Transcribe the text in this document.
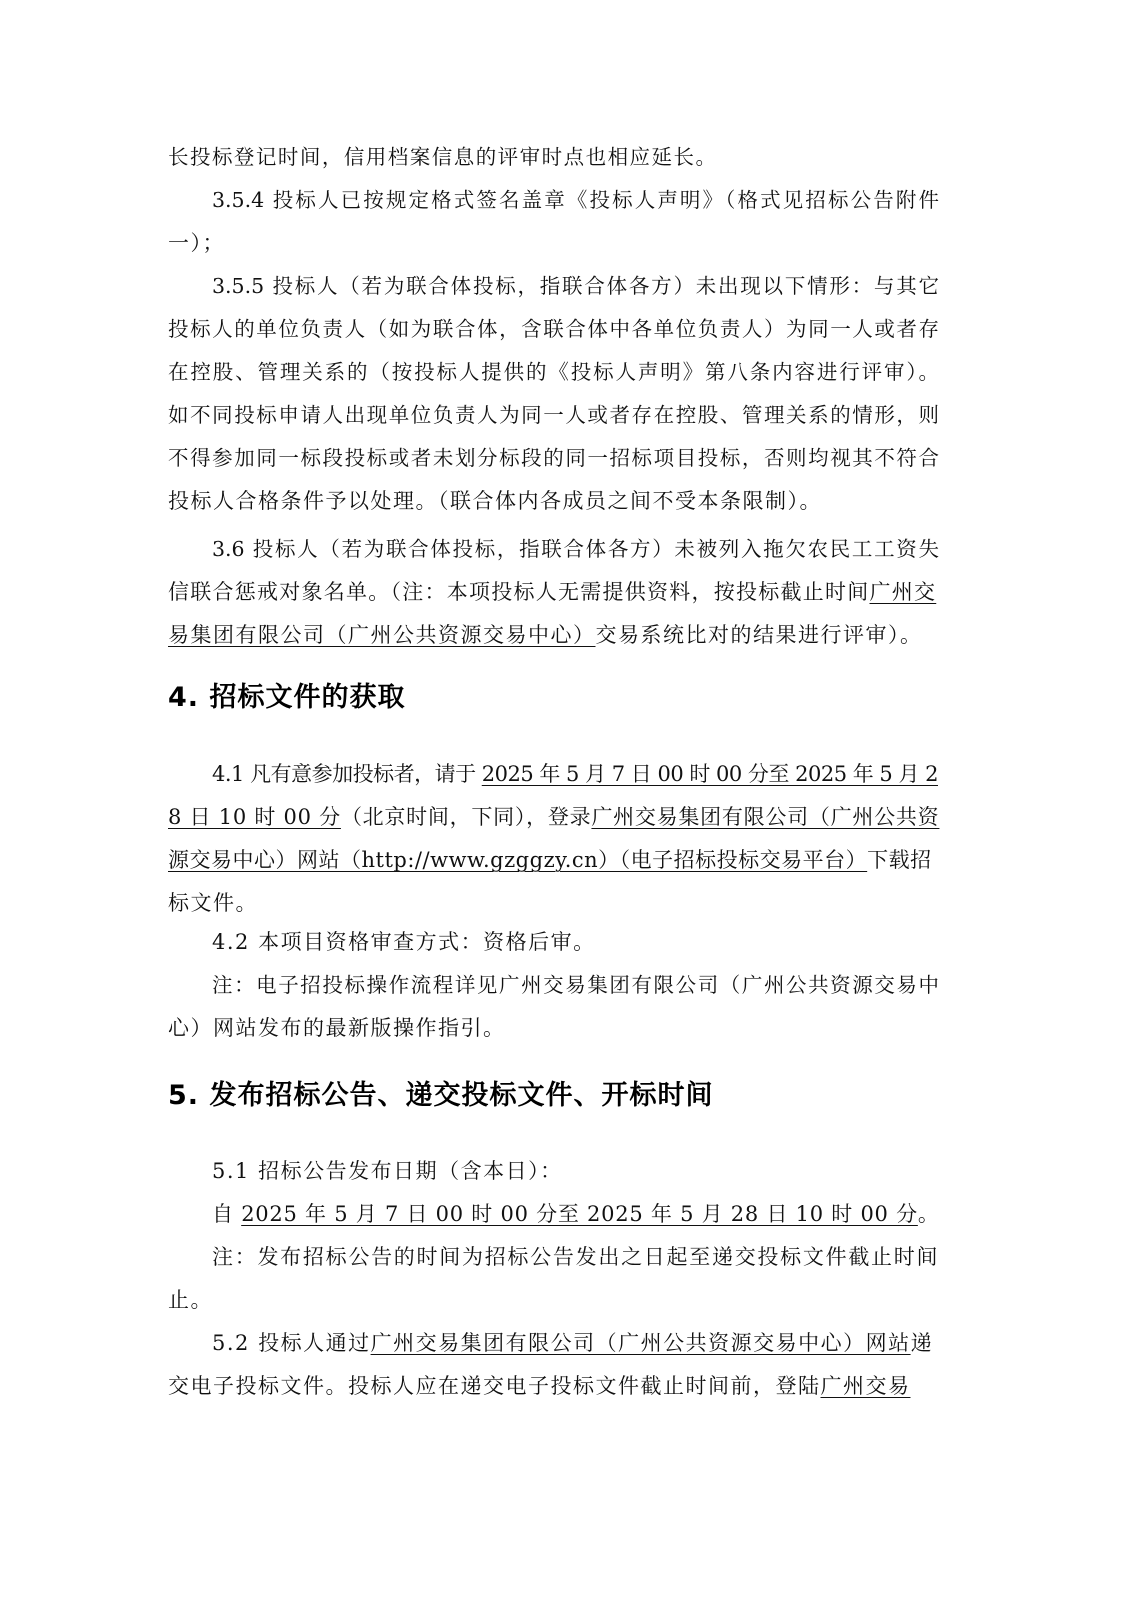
长投标登记时间，信用档案信息的评审时点也相应延长。
3.5.4 投标人已按规定格式签名盖章《投标人声明》（格式见招标公告附件
一）；
3.5.5 投标人（若为联合体投标，指联合体各方）未出现以下情形：与其它
投标人的单位负责人（如为联合体，含联合体中各单位负责人）为同一人或者存
在控股、管理关系的（按投标人提供的《投标人声明》第八条内容进行评审）。
如不同投标申请人出现单位负责人为同一人或者存在控股、管理关系的情形，则
不得参加同一标段投标或者未划分标段的同一招标项目投标，否则均视其不符合
投标人合格条件予以处理。（联合体内各成员之间不受本条限制）。
3.6 投标人（若为联合体投标，指联合体各方）未被列入拖欠农民工工资失
信联合惩戒对象名单。（注：本项投标人无需提供资料，按投标截止时间广州交
易集团有限公司（广州公共资源交易中心）交易系统比对的结果进行评审）。
4. 招标文件的获取
4.1 凡有意参加投标者，请于 2025 年 5 月 7 日 00 时 00 分至 2025 年 5 月 2
8 日 10 时 00 分（北京时间，下同），登录广州交易集团有限公司（广州公共资
源交易中心）网站（http://www.gzggzy.cn）（电子招标投标交易平台）下载招
标文件。
4.2 本项目资格审查方式：资格后审。
注：电子招投标操作流程详见广州交易集团有限公司（广州公共资源交易中
心）网站发布的最新版操作指引。
5. 发布招标公告、递交投标文件、开标时间
5.1 招标公告发布日期（含本日）：
自 2025 年 5 月 7 日 00 时 00 分至 2025 年 5 月 28 日 10 时 00 分。
注：发布招标公告的时间为招标公告发出之日起至递交投标文件截止时间
止。
5.2 投标人通过广州交易集团有限公司（广州公共资源交易中心）网站递
交电子投标文件。投标人应在递交电子投标文件截止时间前，登陆广州交易
